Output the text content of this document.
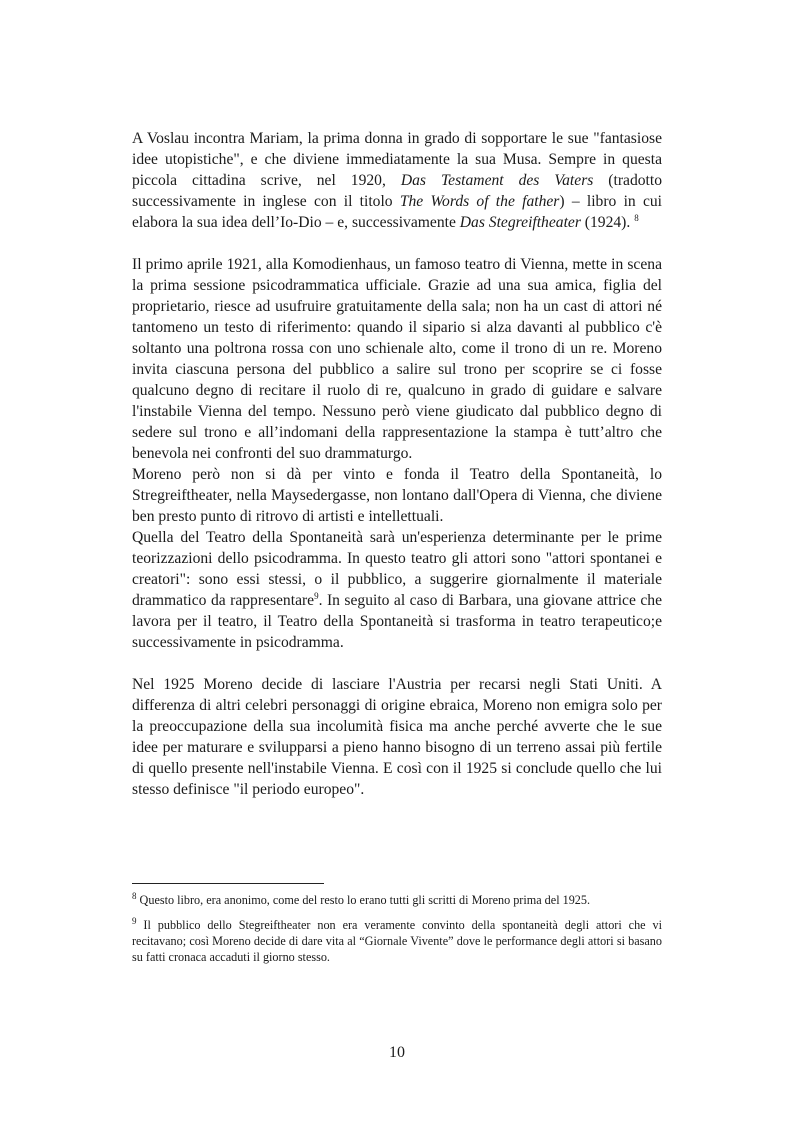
A Voslau incontra Mariam, la prima donna in grado di sopportare le sue "fantasiose idee utopistiche", e che diviene immediatamente la sua Musa. Sempre in questa piccola cittadina scrive, nel 1920, Das Testament des Vaters (tradotto successivamente in inglese con il titolo The Words of the father) – libro in cui elabora la sua idea dell’Io-Dio – e, successivamente Das Stegreiftheater (1924). $^8$

Il primo aprile 1921, alla Komodienhaus, un famoso teatro di Vienna, mette in scena la prima sessione psicodrammatica ufficiale. Grazie ad una sua amica, figlia del proprietario, riesce ad usufruire gratuitamente della sala; non ha un cast di attori né tantomeno un testo di riferimento: quando il sipario si alza davanti al pubblico c'è soltanto una poltrona rossa con uno schienale alto, come il trono di un re. Moreno invita ciascuna persona del pubblico a salire sul trono per scoprire se ci fosse qualcuno degno di recitare il ruolo di re, qualcuno in grado di guidare e salvare l'instabile Vienna del tempo. Nessuno però viene giudicato dal pubblico degno di sedere sul trono e all’indomani della rappresentazione la stampa è tutt’altro che benevola nei confronti del suo drammaturgo.

Moreno però non si dà per vinto e fonda il Teatro della Spontaneità, lo Stregreiftheater, nella Maysedergasse, non lontano dall'Opera di Vienna, che diviene ben presto punto di ritrovo di artisti e intellettuali.

Quella del Teatro della Spontaneità sarà un'esperienza determinante per le prime teorizzazioni dello psicodramma. In questo teatro gli attori sono "attori spontanei e creatori": sono essi stessi, o il pubblico, a suggerire giornalmente il materiale drammatico da rappresentare$^9$. In seguito al caso di Barbara, una giovane attrice che lavora per il teatro, il Teatro della Spontaneità si trasforma in teatro terapeutico;e successivamente in psicodramma.

Nel 1925 Moreno decide di lasciare l'Austria per recarsi negli Stati Uniti. A differenza di altri celebri personaggi di origine ebraica, Moreno non emigra solo per la preoccupazione della sua incolumità fisica ma anche perché avverte che le sue idee per maturare e svilupparsi a pieno hanno bisogno di un terreno assai più fertile di quello presente nell'instabile Vienna. E così con il 1925 si conclude quello che lui stesso definisce "il periodo europeo".

$^8$ Questo libro, era anonimo, come del resto lo erano tutti gli scritti di Moreno prima del 1925.

$^9$ Il pubblico dello Stegreiftheater non era veramente convinto della spontaneità degli attori che vi recitavano; così Moreno decide di dare vita al “Giornale Vivente” dove le performance degli attori si basano su fatti cronaca accaduti il giorno stesso.

10
